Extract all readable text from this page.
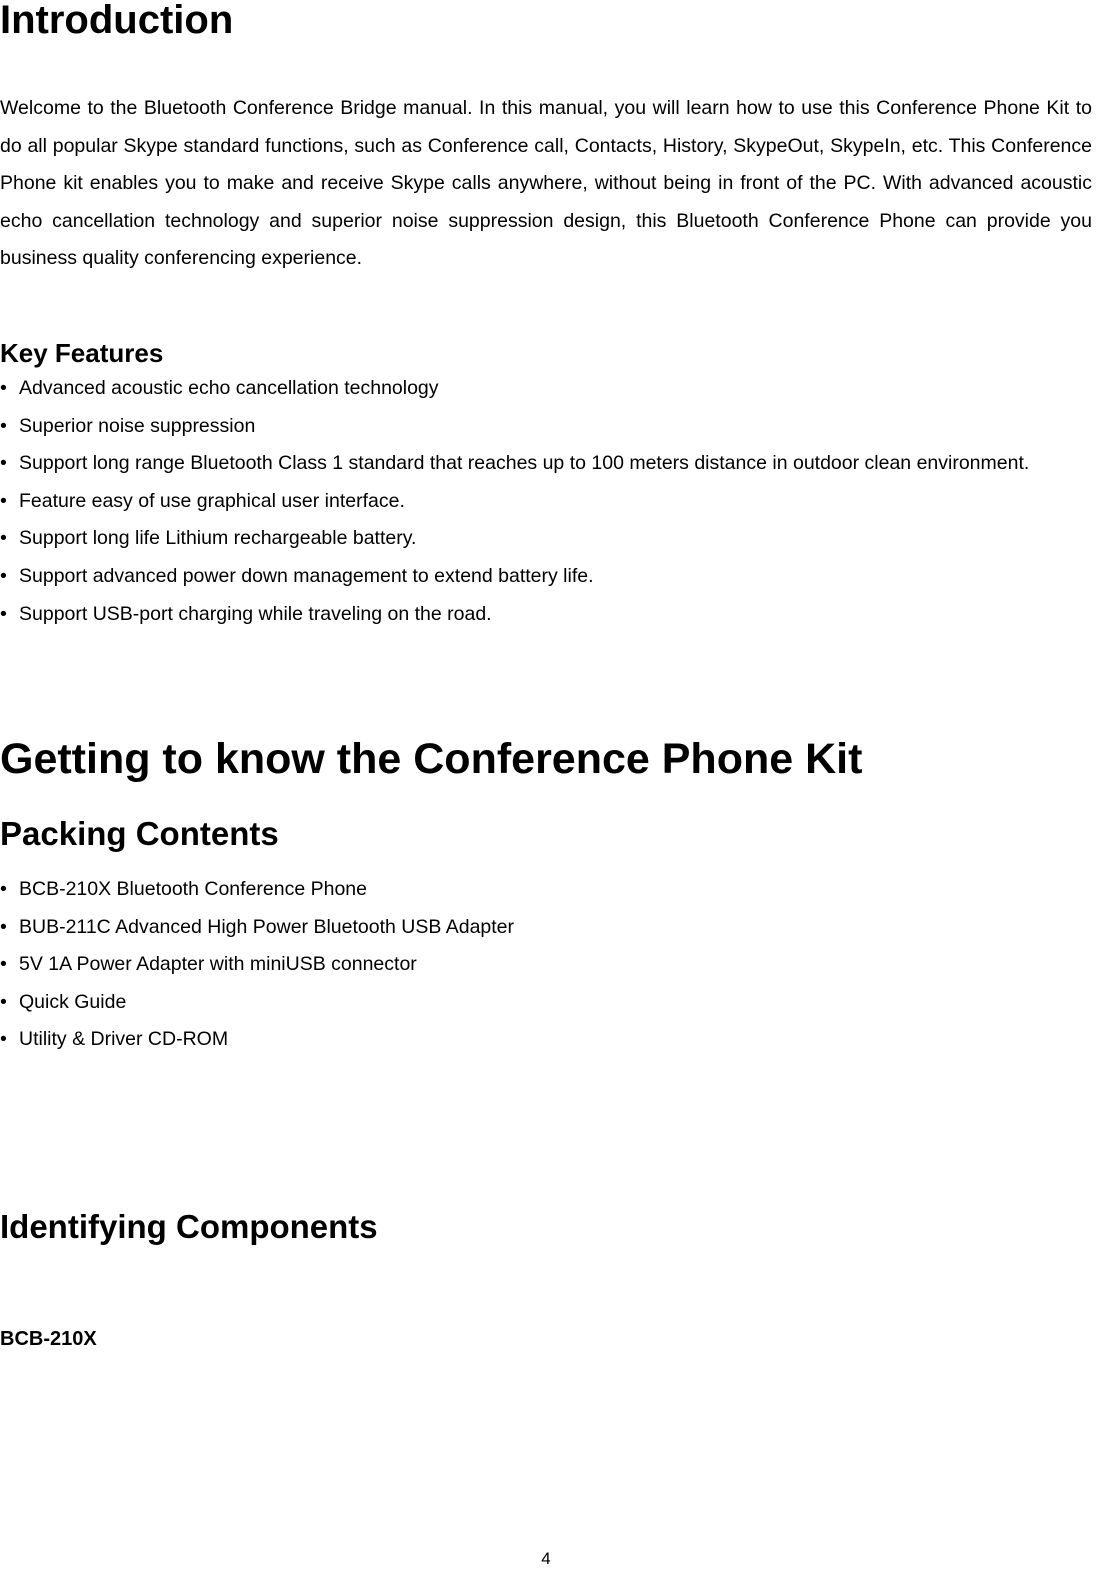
Introduction

Welcome to the Bluetooth Conference Bridge manual. In this manual, you will learn how to use this Conference Phone Kit to do all popular Skype standard functions, such as Conference call, Contacts, History, SkypeOut, SkypeIn, etc. This Conference Phone kit enables you to make and receive Skype calls anywhere, without being in front of the PC. With advanced acoustic echo cancellation technology and superior noise suppression design, this Bluetooth Conference Phone can provide you business quality conferencing experience.

Key Features
• Advanced acoustic echo cancellation technology
• Superior noise suppression
• Support long range Bluetooth Class 1 standard that reaches up to 100 meters distance in outdoor clean environment.
• Feature easy of use graphical user interface.
• Support long life Lithium rechargeable battery.
• Support advanced power down management to extend battery life.
• Support USB-port charging while traveling on the road.
Getting to know the Conference Phone Kit
Packing Contents
• BCB-210X Bluetooth Conference Phone
• BUB-211C Advanced High Power Bluetooth USB Adapter
• 5V 1A Power Adapter with miniUSB connector
• Quick Guide
• Utility & Driver CD-ROM
Identifying Components
BCB-210X
4
